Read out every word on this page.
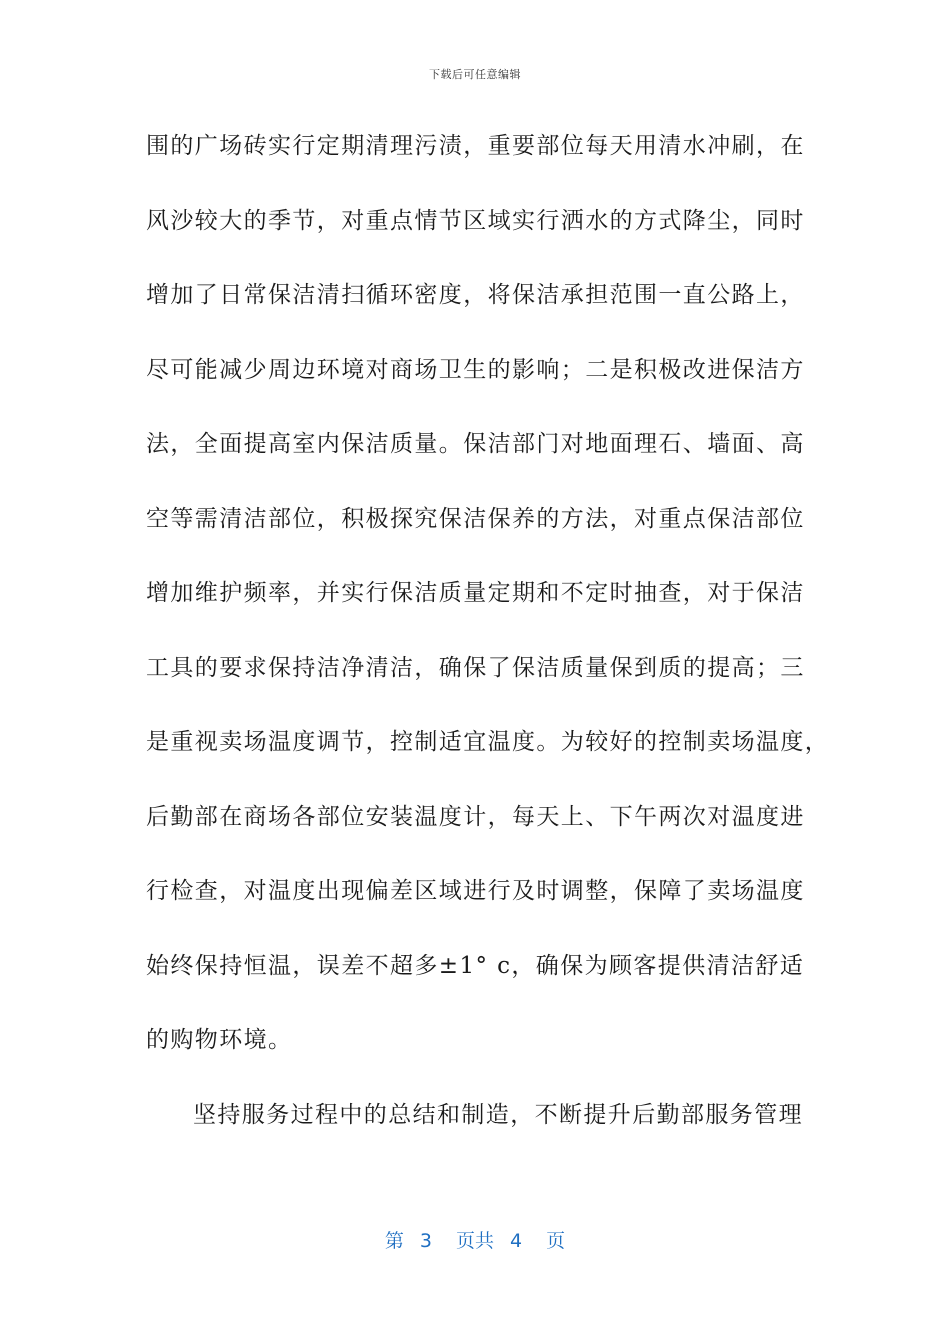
下载后可任意编辑
围的广场砖实行定期清理污渍，重要部位每天用清水冲刷，在
风沙较大的季节，对重点情节区域实行洒水的方式降尘，同时
增加了日常保洁清扫循环密度，将保洁承担范围一直公路上，
尽可能减少周边环境对商场卫生的影响；二是积极改进保洁方
法，全面提高室内保洁质量。保洁部门对地面理石、墙面、高
空等需清洁部位，积极探究保洁保养的方法，对重点保洁部位
增加维护频率，并实行保洁质量定期和不定时抽查，对于保洁
工具的要求保持洁净清洁，确保了保洁质量保到质的提高；三
是重视卖场温度调节，控制适宜温度。为较好的控制卖场温度，
后勤部在商场各部位安装温度计，每天上、下午两次对温度进
行检查，对温度出现偏差区域进行及时调整，保障了卖场温度
始终保持恒温，误差不超多±1° c，确保为顾客提供清洁舒适
的购物环境。
坚持服务过程中的总结和制造，不断提升后勤部服务管理
第 3 页共 4 页
